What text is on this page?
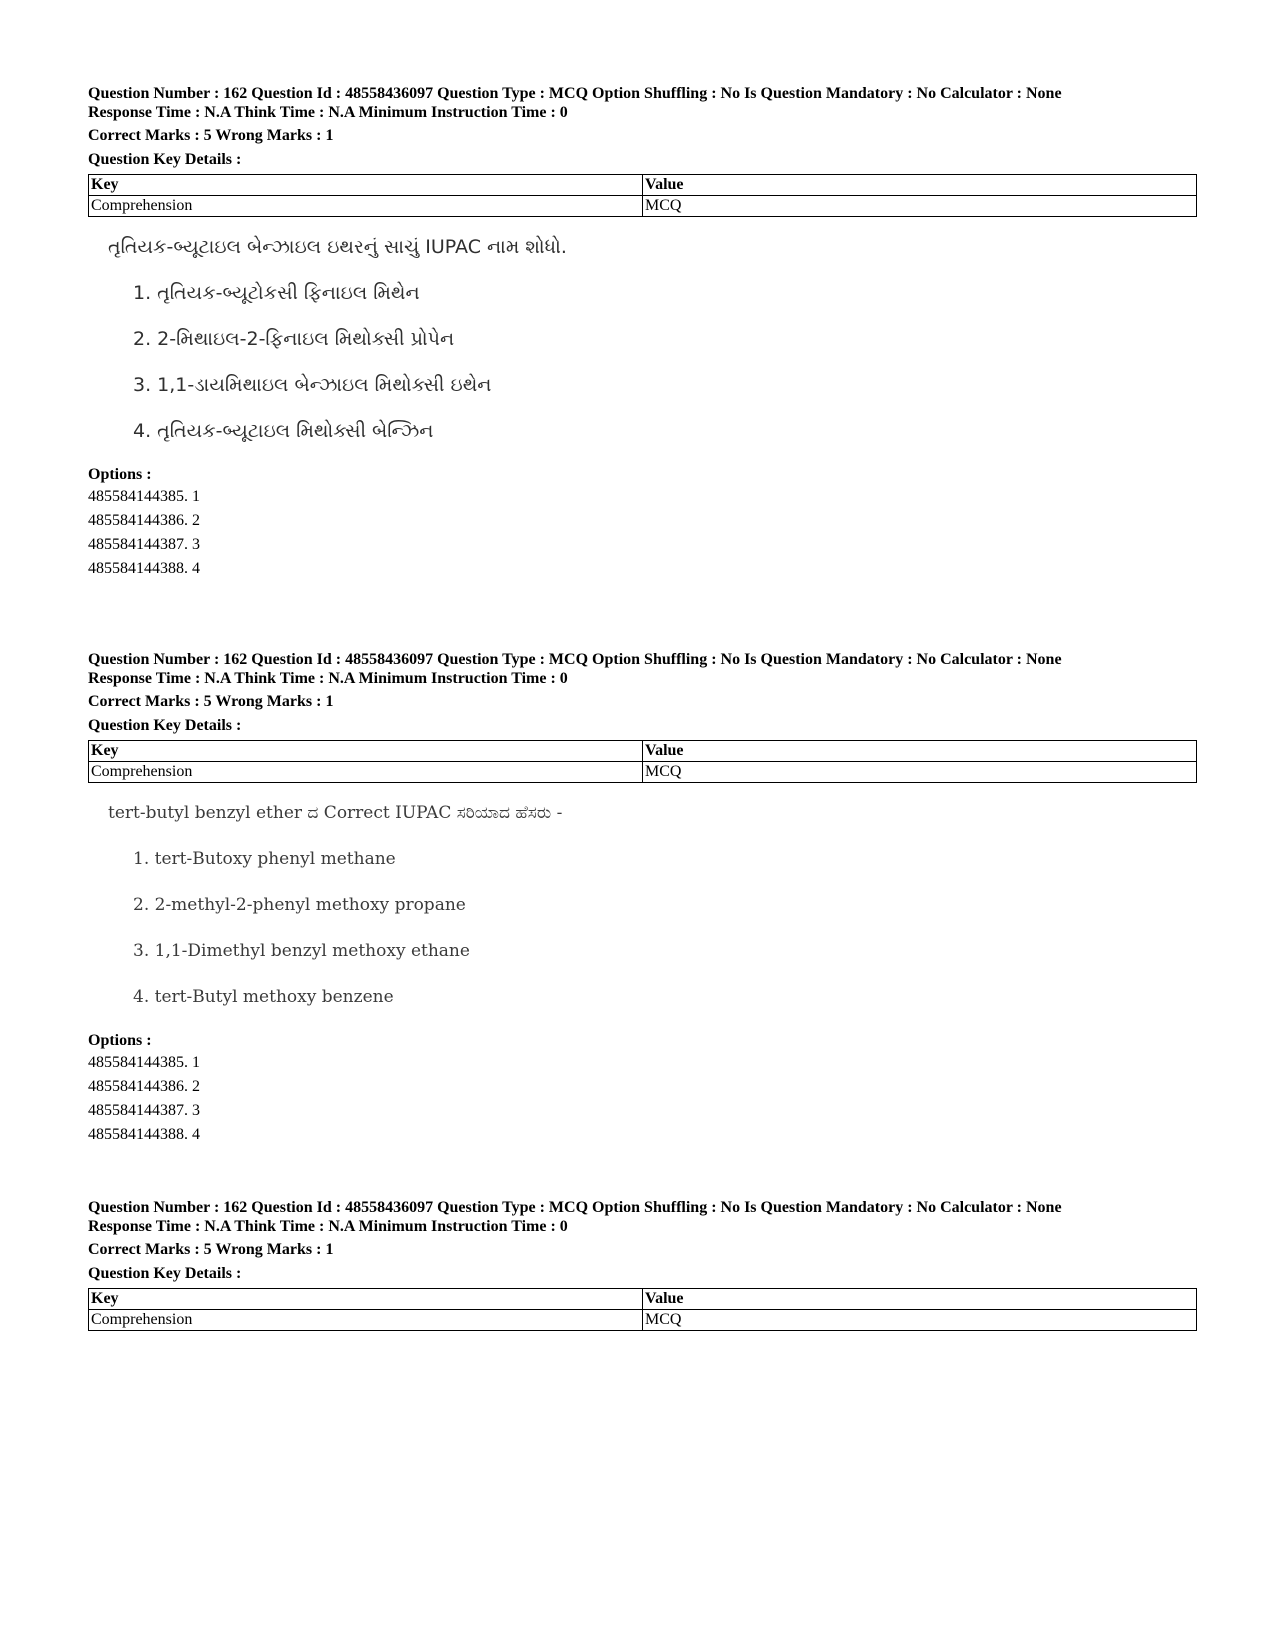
Question Number : 162 Question Id : 48558436097 Question Type : MCQ Option Shuffling : No Is Question Mandatory : No Calculator : None

Response Time : N.A Think Time : N.A Minimum Instruction Time : 0

Correct Marks : 5 Wrong Marks : 1

Question Key Details :

Key	Value
Comprehension	MCQ

તૃતિયક-બ્યૂટાઇલ બેન્ઝાઇલ ઇથરનું સાચું IUPAC નામ શોધો.

1. તૃતિયક-બ્યૂટોકસી ફિનાઇલ મિથેન

2. 2-મિથાઇલ-2-ફિનાઇલ મિથોક્સી પ્રોપેન

3. 1,1-ડાયમિથાઇલ બેન્ઝાઇલ મિથોક્સી ઇથેન

4. તૃતિયક-બ્યૂટાઇલ મિથોક્સી બેન્ઝિન

Options :
485584144385. 1
485584144386. 2
485584144387. 3
485584144388. 4

Question Number : 162 Question Id : 48558436097 Question Type : MCQ Option Shuffling : No Is Question Mandatory : No Calculator : None

Response Time : N.A Think Time : N.A Minimum Instruction Time : 0

Correct Marks : 5 Wrong Marks : 1

Question Key Details :

Key	Value
Comprehension	MCQ

tert-butyl benzyl ether ದ Correct IUPAC ಸರಿಯಾದ ಹೆಸರು -

1. tert-Butoxy phenyl methane

2. 2-methyl-2-phenyl methoxy propane

3. 1,1-Dimethyl benzyl methoxy ethane

4. tert-Butyl methoxy benzene

Options :
485584144385. 1
485584144386. 2
485584144387. 3
485584144388. 4

Question Number : 162 Question Id : 48558436097 Question Type : MCQ Option Shuffling : No Is Question Mandatory : No Calculator : None

Response Time : N.A Think Time : N.A Minimum Instruction Time : 0

Correct Marks : 5 Wrong Marks : 1

Question Key Details :

Key	Value
Comprehension	MCQ
